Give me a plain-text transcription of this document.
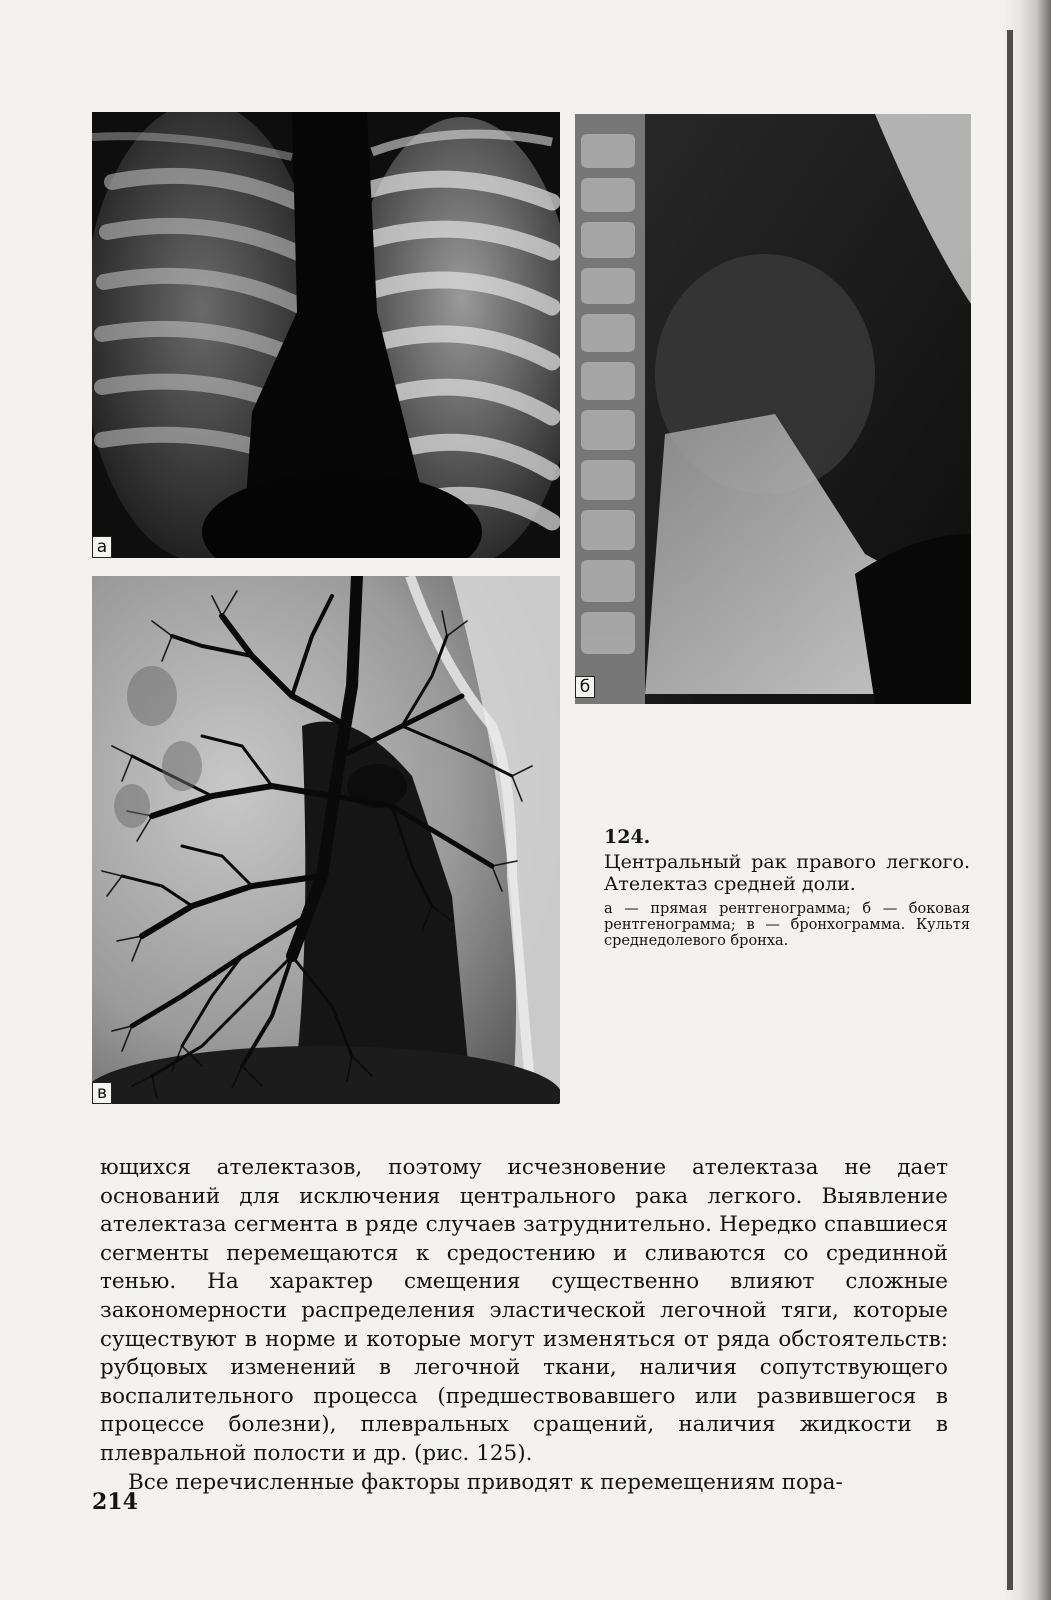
а
б
в

124.

Центральный рак правого легкого. Ателектаз средней доли.

а — прямая рентгенограмма; б — боковая рентгенограмма; в — бронхограмма. Культя среднедолевого бронха.

ющихся ателектазов, поэтому исчезновение ателектаза не дает оснований для исключения центрального рака легкого. Выявление ателектаза сегмента в ряде случаев затруднительно. Нередко спавшиеся сегменты перемещаются к средостению и сливаются со срединной тенью. На характер смещения существенно влияют сложные закономерности распределения эластической легочной тяги, которые существуют в норме и которые могут изменяться от ряда обстоятельств: рубцовых изменений в легочной ткани, наличия сопутствующего воспалительного процесса (предшествовавшего или развившегося в процессе болезни), плевральных сращений, наличия жидкости в плевральной полости и др. (рис. 125).

Все перечисленные факторы приводят к перемещениям пора-

214
